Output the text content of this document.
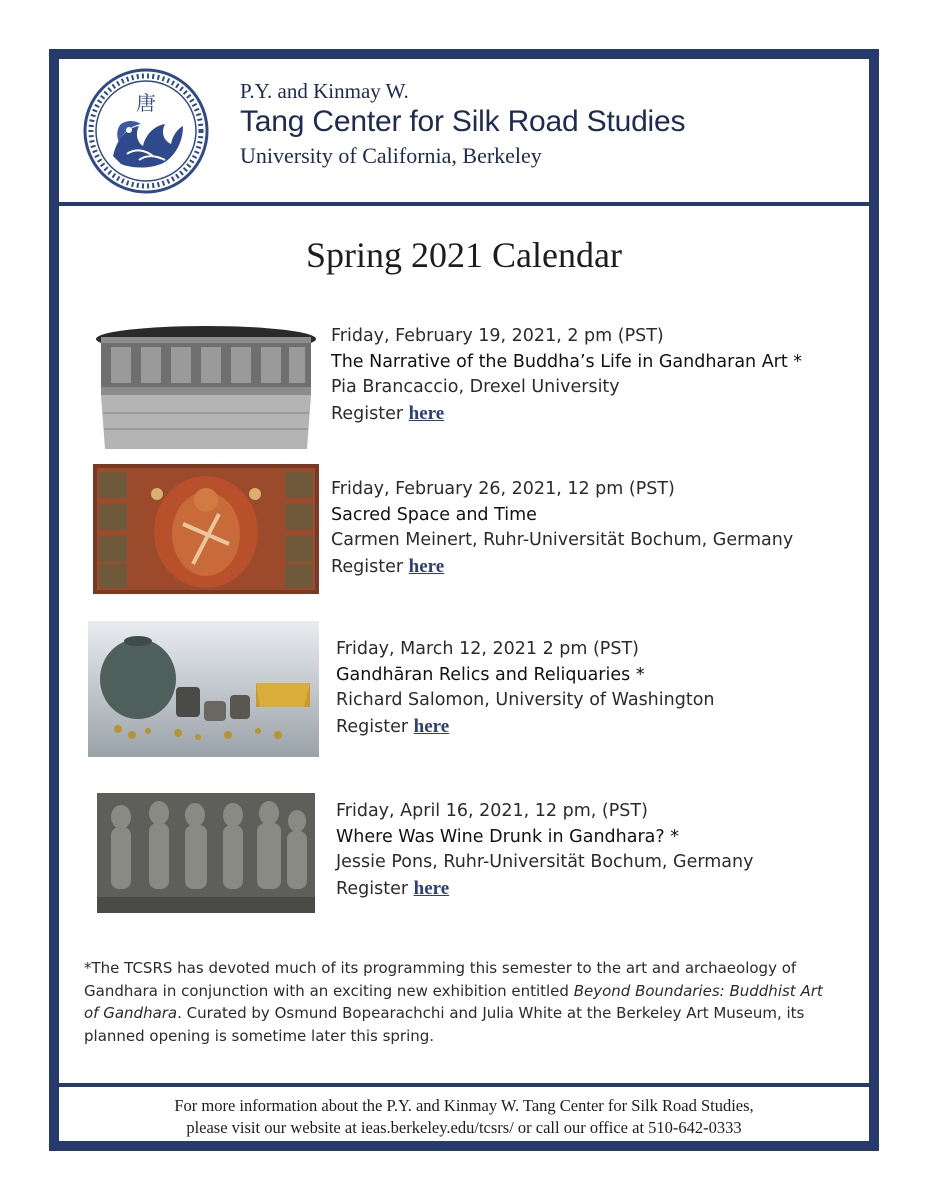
唐	P.Y. and Kinmay W.
Tang Center for Silk Road Studies
University of California, Berkeley
Spring 2021 Calendar
Friday, February 19, 2021, 2 pm (PST)
The Narrative of the Buddha’s Life in Gandharan Art *
Pia Brancaccio, Drexel University
Register here
Friday, February 26, 2021, 12 pm (PST)
Sacred Space and Time
Carmen Meinert, Ruhr-Universität Bochum, Germany
Register here
Friday, March 12, 2021 2 pm (PST)
Gandhāran Relics and Reliquaries *
Richard Salomon, University of Washington
Register here
Friday, April 16, 2021, 12 pm, (PST)
Where Was Wine Drunk in Gandhara? *
Jessie Pons, Ruhr-Universität Bochum, Germany
Register here
*The TCSRS has devoted much of its programming this semester to the art and archaeology of Gandhara in conjunction with an exciting new exhibition entitled Beyond Boundaries: Buddhist Art of Gandhara. Curated by Osmund Bopearachchi and Julia White at the Berkeley Art Museum, its planned opening is sometime later this spring.
For more information about the P.Y. and Kinmay W. Tang Center for Silk Road Studies,
please visit our website at ieas.berkeley.edu/tcsrs/ or call our office at 510-642-0333
